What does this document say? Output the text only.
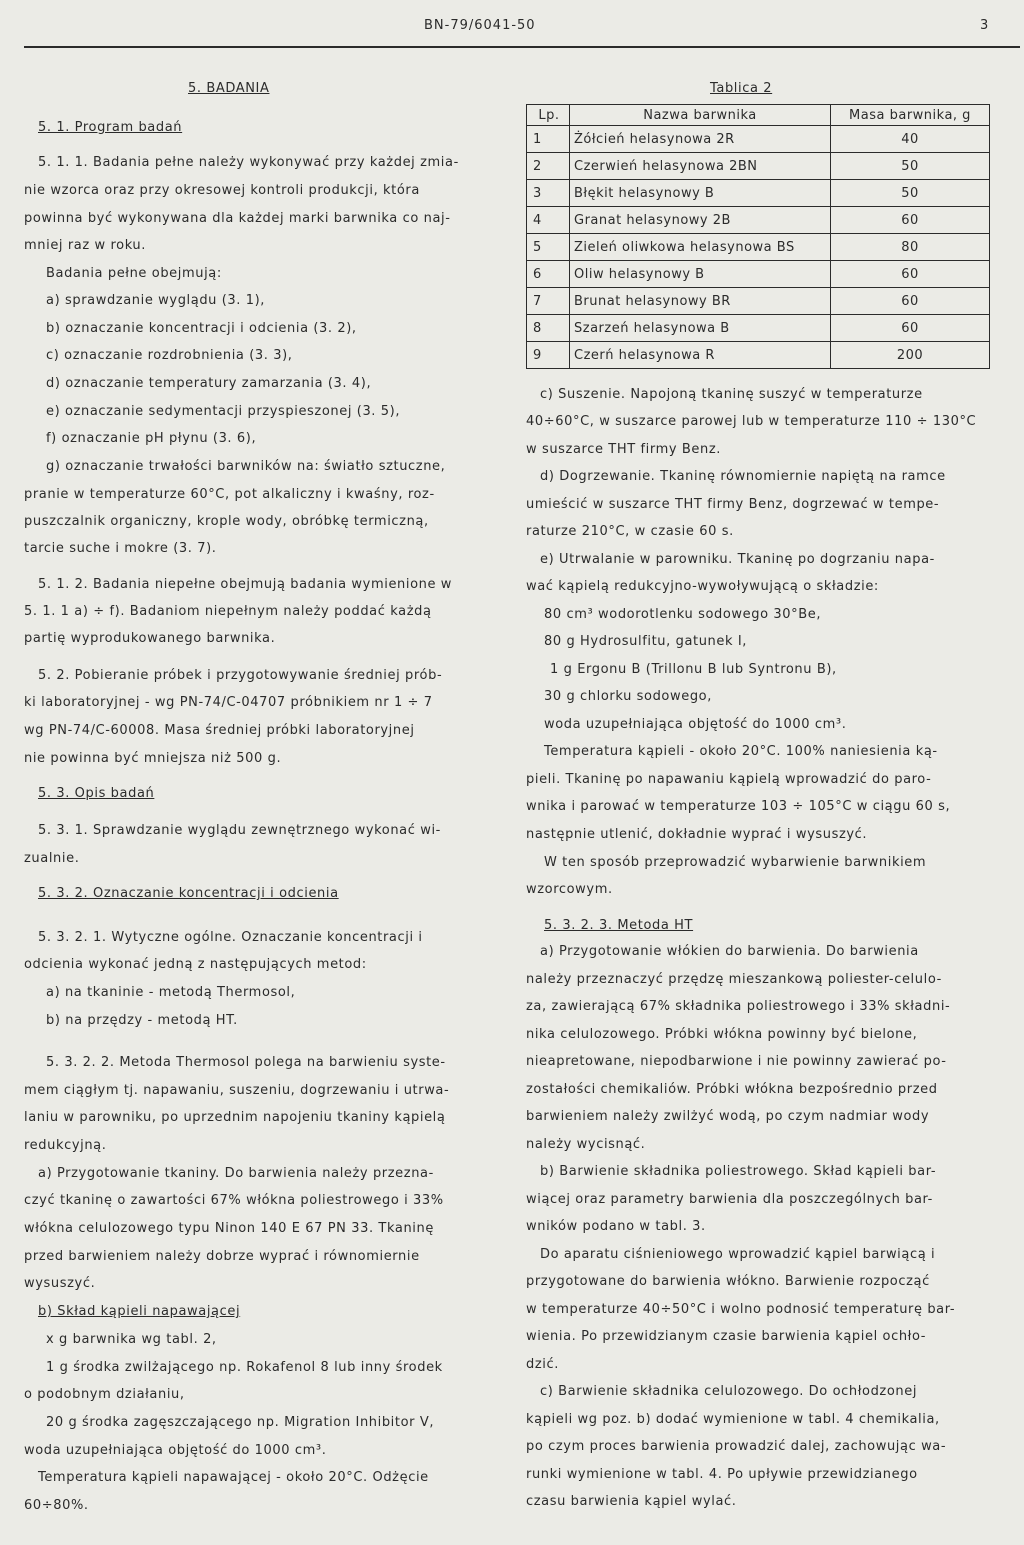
BN-79/6041-50	3
5. BADANIA
5. 1. Program badań
5. 1. 1. Badania pełne należy wykonywać przy każdej zmia-
nie wzorca oraz przy okresowej kontroli produkcji, która
powinna być wykonywana dla każdej marki barwnika co naj-
mniej raz w roku.
Badania pełne obejmują:
a) sprawdzanie wyglądu (3. 1),
b) oznaczanie koncentracji i odcienia (3. 2),
c) oznaczanie rozdrobnienia (3. 3),
d) oznaczanie temperatury zamarzania (3. 4),
e) oznaczanie sedymentacji przyspieszonej (3. 5),
f) oznaczanie pH płynu (3. 6),
g) oznaczanie trwałości barwników na: światło sztuczne,
pranie w temperaturze 60°C, pot alkaliczny i kwaśny, roz-
puszczalnik organiczny, krople wody, obróbkę termiczną,
tarcie suche i mokre (3. 7).
5. 1. 2. Badania niepełne obejmują badania wymienione w
5. 1. 1 a) ÷ f). Badaniom niepełnym należy poddać każdą
partię wyprodukowanego barwnika.
5. 2. Pobieranie próbek i przygotowywanie średniej prób-
ki laboratoryjnej - wg PN-74/C-04707 próbnikiem nr 1 ÷ 7
wg PN-74/C-60008. Masa średniej próbki laboratoryjnej
nie powinna być mniejsza niż 500 g.
5. 3. Opis badań
5. 3. 1. Sprawdzanie wyglądu zewnętrznego wykonać wi-
zualnie.
5. 3. 2. Oznaczanie koncentracji i odcienia
5. 3. 2. 1. Wytyczne ogólne. Oznaczanie koncentracji i
odcienia wykonać jedną z następujących metod:
a) na tkaninie - metodą Thermosol,
b) na przędzy - metodą HT.
5. 3. 2. 2. Metoda Thermosol polega na barwieniu syste-
mem ciągłym tj. napawaniu, suszeniu, dogrzewaniu i utrwa-
laniu w parowniku, po uprzednim napojeniu tkaniny kąpielą
redukcyjną.
a) Przygotowanie tkaniny. Do barwienia należy przezna-
czyć tkaninę o zawartości 67% włókna poliestrowego i 33%
włókna celulozowego typu Ninon 140 E 67 PN 33. Tkaninę
przed barwieniem należy dobrze wyprać i równomiernie
wysuszyć.
b) Skład kąpieli napawającej
x g barwnika wg tabl. 2,
1 g środka zwilżającego np. Rokafenol 8 lub inny środek
o podobnym działaniu,
20 g środka zagęszczającego np. Migration Inhibitor V,
woda uzupełniająca objętość do 1000 cm³.
Temperatura kąpieli napawającej - około 20°C. Odżęcie
60÷80%.
Tablica 2
Lp.	Nazwa barwnika	Masa barwnika, g
1	Żółcień helasynowa 2R	40
2	Czerwień helasynowa 2BN	50
3	Błękit helasynowy B	50
4	Granat helasynowy 2B	60
5	Zieleń oliwkowa helasynowa BS	80
6	Oliw helasynowy B	60
7	Brunat helasynowy BR	60
8	Szarzeń helasynowa B	60
9	Czerń helasynowa R	200
c) Suszenie. Napojoną tkaninę suszyć w temperaturze
40÷60°C, w suszarce parowej lub w temperaturze 110 ÷ 130°C
w suszarce THT firmy Benz.
d) Dogrzewanie. Tkaninę równomiernie napiętą na ramce
umieścić w suszarce THT firmy Benz, dogrzewać w tempe-
raturze 210°C, w czasie 60 s.
e) Utrwalanie w parowniku. Tkaninę po dogrzaniu napa-
wać kąpielą redukcyjno-wywoływującą o składzie:
80 cm³ wodorotlenku sodowego 30°Be,
80 g Hydrosulfitu, gatunek I,
1 g Ergonu B (Trillonu B lub Syntronu B),
30 g chlorku sodowego,
woda uzupełniająca objętość do 1000 cm³.
Temperatura kąpieli - około 20°C. 100% naniesienia ką-
pieli. Tkaninę po napawaniu kąpielą wprowadzić do paro-
wnika i parować w temperaturze 103 ÷ 105°C w ciągu 60 s,
następnie utlenić, dokładnie wyprać i wysuszyć.
W ten sposób przeprowadzić wybarwienie barwnikiem
wzorcowym.
5. 3. 2. 3. Metoda HT
a) Przygotowanie włókien do barwienia. Do barwienia
należy przeznaczyć przędzę mieszankową poliester-celulo-
za, zawierającą 67% składnika poliestrowego i 33% składni-
nika celulozowego. Próbki włókna powinny być bielone,
nieapretowane, niepodbarwione i nie powinny zawierać po-
zostałości chemikaliów. Próbki włókna bezpośrednio przed
barwieniem należy zwilżyć wodą, po czym nadmiar wody
należy wycisnąć.
b) Barwienie składnika poliestrowego. Skład kąpieli bar-
wiącej oraz parametry barwienia dla poszczególnych bar-
wników podano w tabl. 3.
Do aparatu ciśnieniowego wprowadzić kąpiel barwiącą i
przygotowane do barwienia włókno. Barwienie rozpocząć
w temperaturze 40÷50°C i wolno podnosić temperaturę bar-
wienia. Po przewidzianym czasie barwienia kąpiel ochło-
dzić.
c) Barwienie składnika celulozowego. Do ochłodzonej
kąpieli wg poz. b) dodać wymienione w tabl. 4 chemikalia,
po czym proces barwienia prowadzić dalej, zachowując wa-
runki wymienione w tabl. 4. Po upływie przewidzianego
czasu barwienia kąpiel wylać.
